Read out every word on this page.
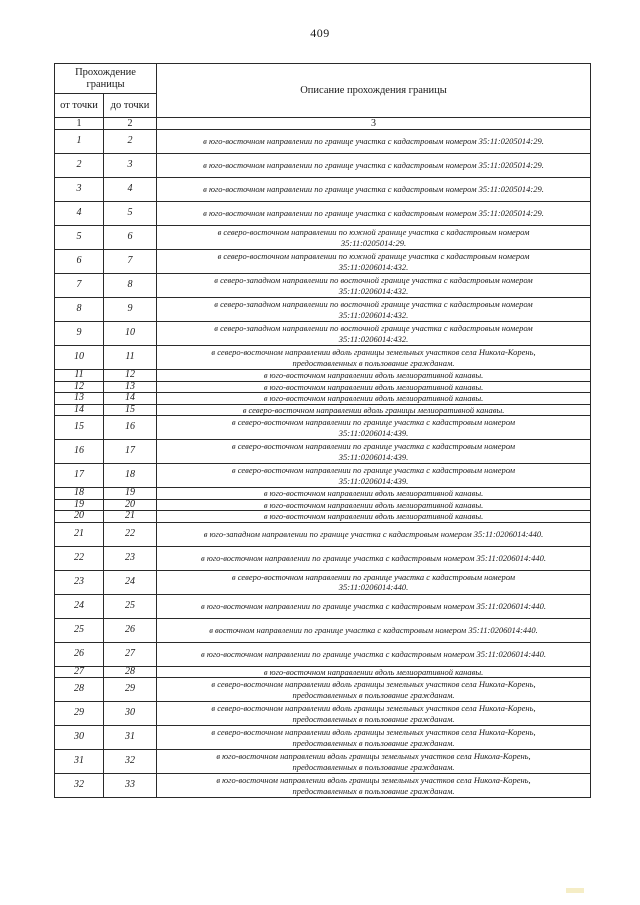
409
Прохождение границы		Описание прохождения границы
от точки	до точки	
1	2	3
1	2	в юго-восточном направлении по границе участка с кадастровым номером 35:11:0205014:29.

2	3	в юго-восточном направлении по границе участка с кадастровым номером 35:11:0205014:29.

3	4	в юго-восточном направлении по границе участка с кадастровым номером 35:11:0205014:29.

4	5	в юго-восточном направлении по границе участка с кадастровым номером 35:11:0205014:29.

5	6	в северо-восточном направлении по южной границе участка с кадастровым номером
35:11:0205014:29.

6	7	в северо-восточном направлении по южной границе участка с кадастровым номером
35:11:0206014:432.

7	8	в северо-западном направлении по восточной границе участка с кадастровым номером
35:11:0206014:432.

8	9	в северо-западном направлении по восточной границе участка с кадастровым номером
35:11:0206014:432.

9	10	в северо-западном направлении по восточной границе участка с кадастровым номером
35:11:0206014:432.

10	11	в северо-восточном направлении вдоль границы земельных участков села Никола-Корень,
предоставленных в пользование гражданам.

11	12	в юго-восточном направлении вдоль мелиоративной канавы.

12	13	в юго-восточном направлении вдоль мелиоративной канавы.

13	14	в юго-восточном направлении вдоль мелиоративной канавы.

14	15	в северо-восточном направлении вдоль границы мелиоративной канавы.

15	16	в северо-восточном направлении по границе участка с кадастровым номером
35:11:0206014:439.

16	17	в северо-восточном направлении по границе участка с кадастровым номером
35:11:0206014:439.

17	18	в северо-восточном направлении по границе участка с кадастровым номером
35:11:0206014:439.

18	19	в юго-восточном направлении вдоль мелиоративной канавы.

19	20	в юго-восточном направлении вдоль мелиоративной канавы.

20	21	в юго-восточном направлении вдоль мелиоративной канавы.

21	22	в юго-западном направлении по границе участка с кадастровым номером 35:11:0206014:440.

22	23	в юго-восточном направлении по границе участка с кадастровым номером 35:11:0206014:440.

23	24	в северо-восточном направлении по границе участка с кадастровым номером
35:11:0206014:440.

24	25	в юго-восточном направлении по границе участка с кадастровым номером 35:11:0206014:440.

25	26	в восточном направлении по границе участка с кадастровым номером 35:11:0206014:440.

26	27	в юго-восточном направлении по границе участка с кадастровым номером 35:11:0206014:440.

27	28	в юго-восточном направлении вдоль мелиоративной канавы.

28	29	в северо-восточном направлении вдоль границы земельных участков села Никола-Корень,
предоставленных в пользование гражданам.

29	30	в северо-восточном направлении вдоль границы земельных участков села Никола-Корень,
предоставленных в пользование гражданам.

30	31	в северо-восточном направлении вдоль границы земельных участков села Никола-Корень,
предоставленных в пользование гражданам.

31	32	в юго-восточном направлении вдоль границы земельных участков села Никола-Корень,
предоставленных в пользование гражданам.

32	33	в юго-восточном направлении вдоль границы земельных участков села Никола-Корень,
предоставленных в пользование гражданам.
